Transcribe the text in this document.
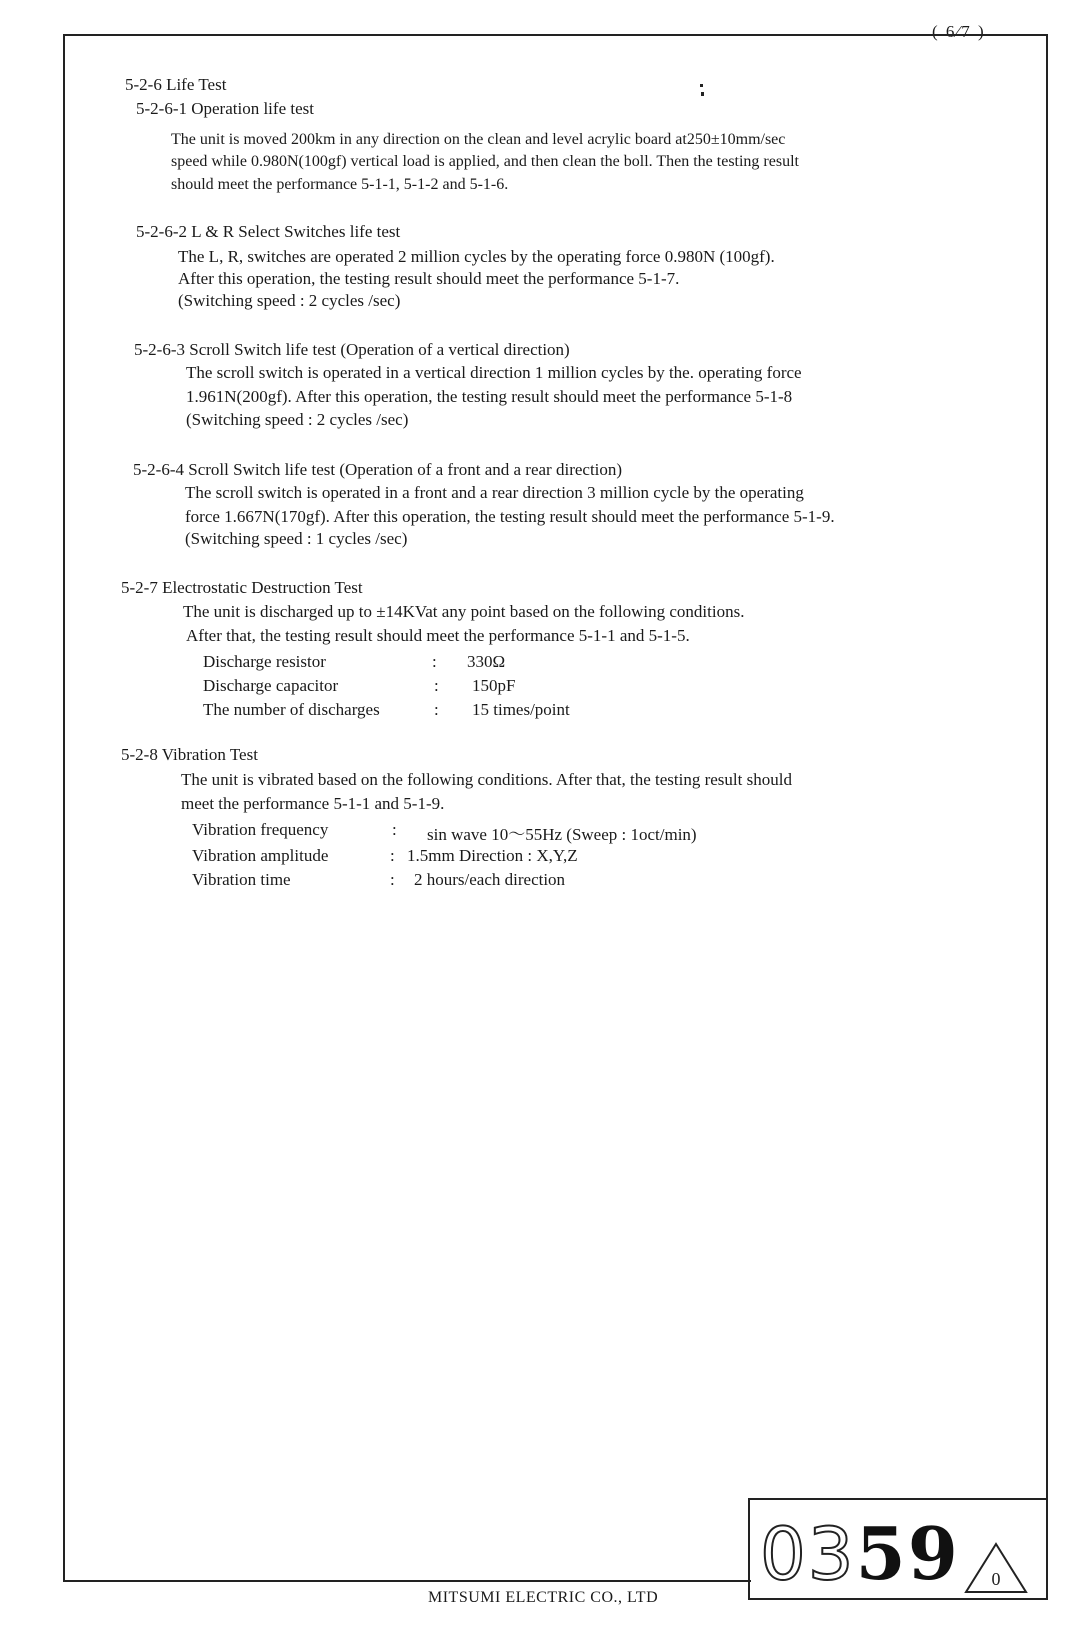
( 6⁄7 )
5-2-6 Life Test
5-2-6-1 Operation life test
The unit is moved 200km in any direction on the clean and level acrylic board at250±10mm/sec
speed while 0.980N(100gf) vertical load is applied, and then clean the boll. Then the testing result
should meet the performance 5-1-1, 5-1-2 and 5-1-6.
5-2-6-2 L & R Select Switches life test
The L, R, switches are operated 2 million cycles by the operating force 0.980N (100gf).
After this operation, the testing result should meet the performance 5-1-7.
(Switching speed : 2 cycles /sec)
5-2-6-3 Scroll Switch life test (Operation of a vertical direction)
The scroll switch is operated in a vertical direction 1 million cycles by the. operating force
1.961N(200gf). After this operation, the testing result should meet the performance 5-1-8
(Switching speed : 2 cycles /sec)
5-2-6-4 Scroll Switch life test (Operation of a front and a rear direction)
The scroll switch is operated in a front and a rear direction 3 million cycle by the operating
force 1.667N(170gf). After this operation, the testing result should meet the performance 5-1-9.
(Switching speed : 1 cycles /sec)
5-2-7 Electrostatic Destruction Test
The unit is discharged up to ±14KVat any point based on the following conditions.
After that, the testing result should meet the performance 5-1-1 and 5-1-5.
Discharge resistor	: 330Ω
Discharge capacitor	: 150pF
The number of discharges	: 15 times/point
5-2-8 Vibration Test
The unit is vibrated based on the following conditions. After that, the testing result should
meet the performance 5-1-1 and 5-1-9.
Vibration frequency	: sin wave 10～55Hz (Sweep : 1oct/min)
Vibration amplitude	: 1.5mm Direction : X,Y,Z
Vibration time	: 2 hours/each direction
MITSUMI ELECTRIC CO., LTD
0359 0
